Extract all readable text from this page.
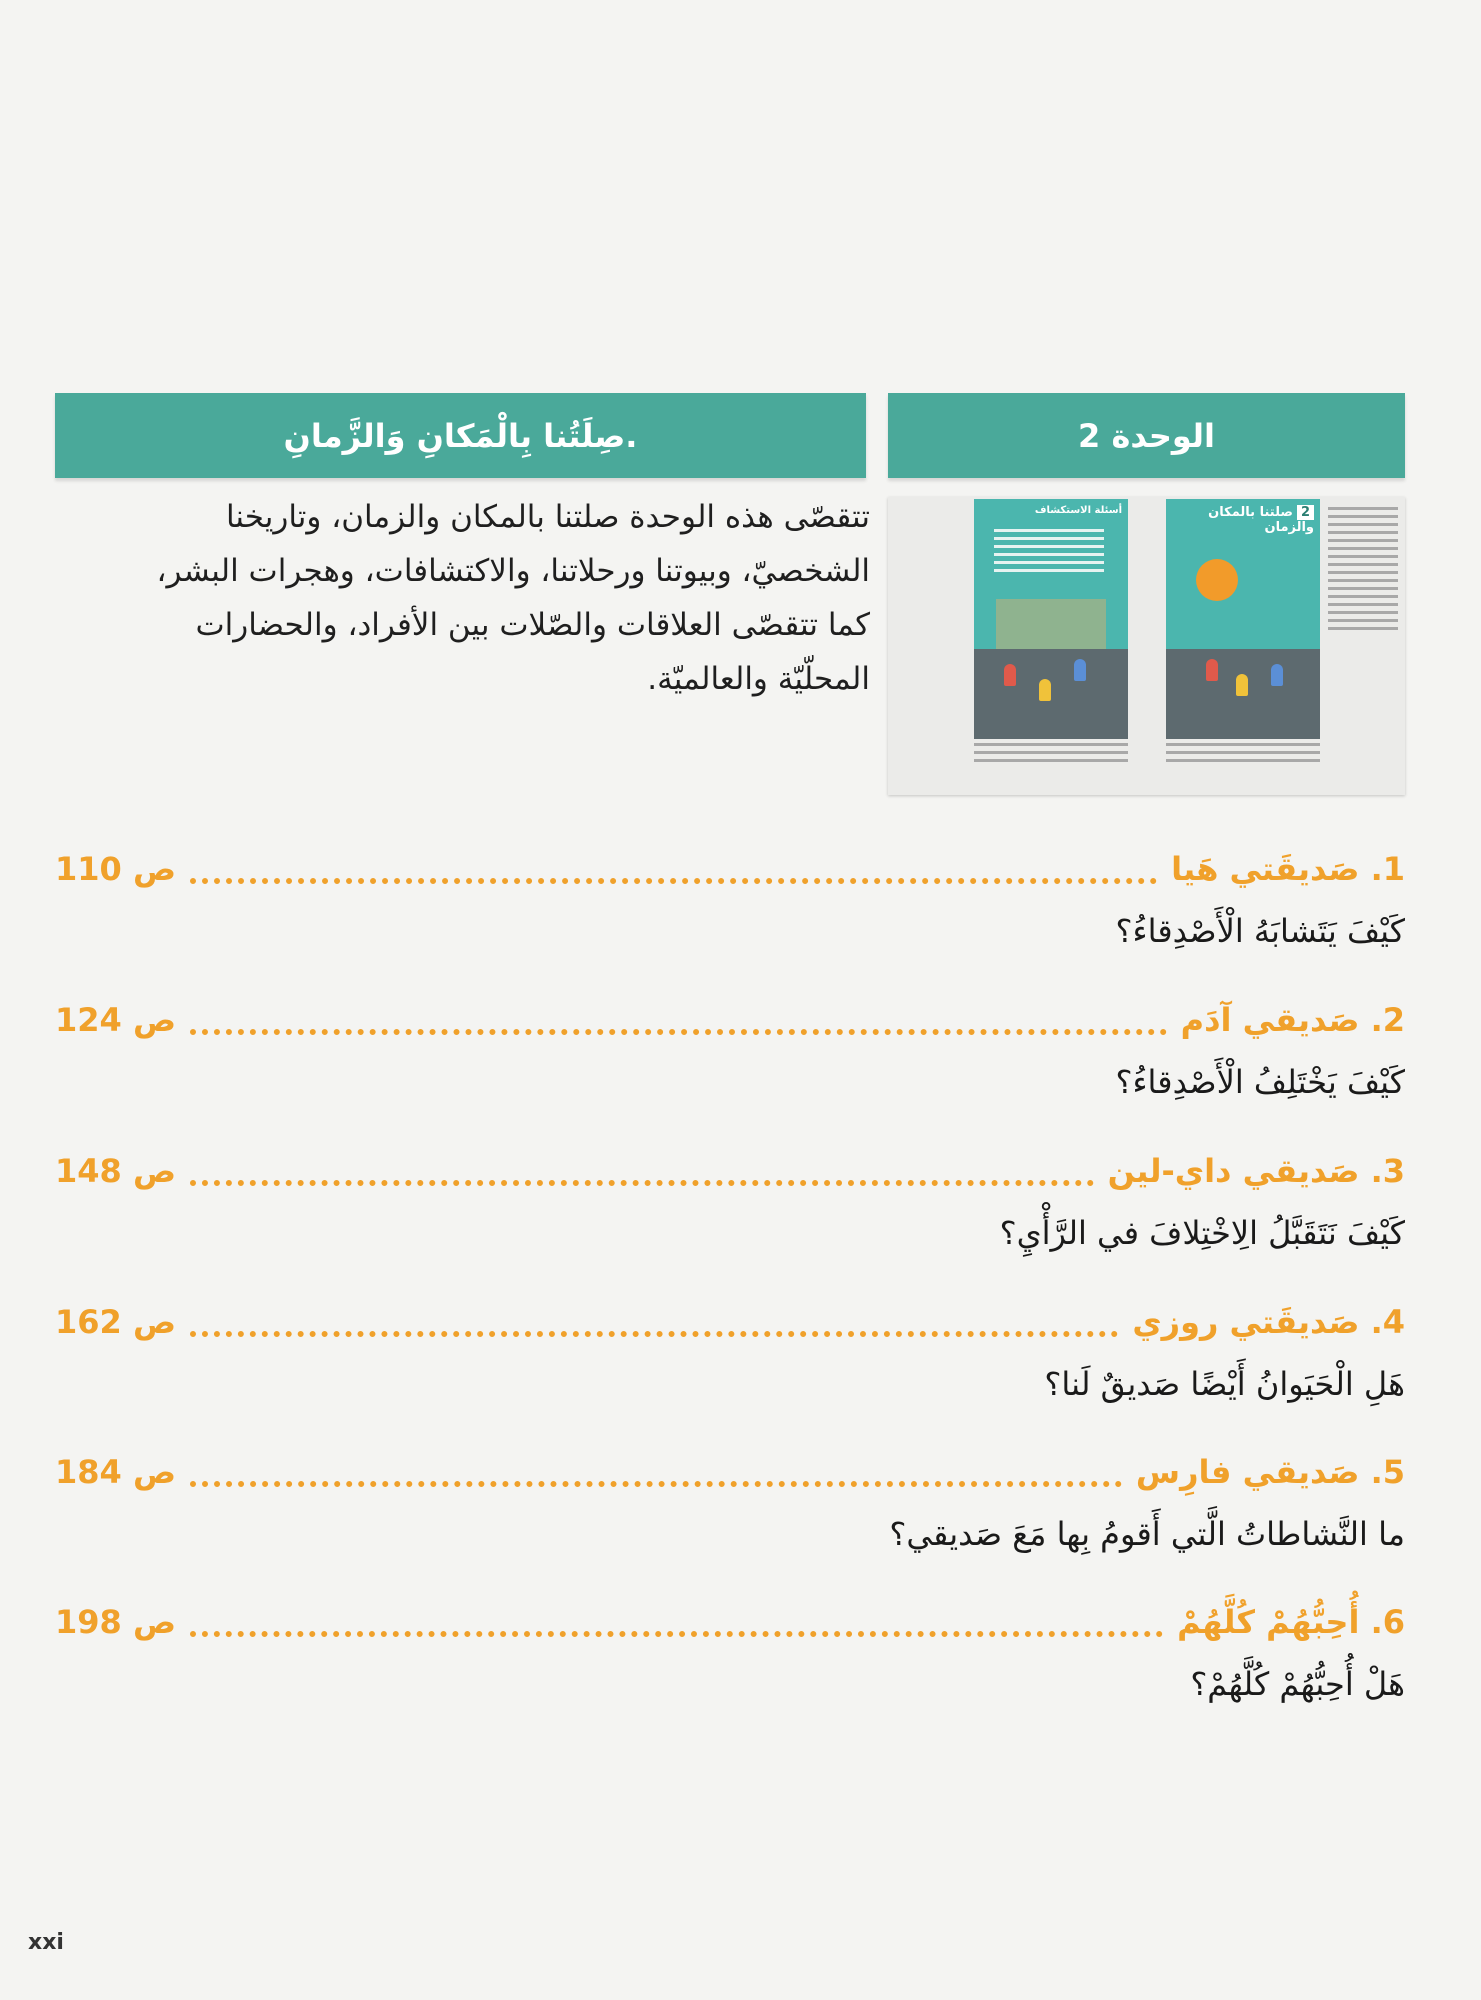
الوحدة 2
صِلَتُنا بِالْمَكانِ وَالزَّمانِ.
تتقصّى هذه الوحدة صلتنا بالمكان والزمان، وتاريخنا
الشخصيّ، وبيوتنا ورحلاتنا، والاكتشافات، وهجرات البشر،
كما تتقصّى العلاقات والصّلات بين الأفراد، والحضارات
المحلّيّة والعالميّة.
2صلتنا بالمكان والزمان
أسئلة الاستكشاف
1. صَديقَتي هَيا
ص 110
كَيْفَ يَتَشابَهُ الْأَصْدِقاءُ؟
2. صَديقي آدَم
ص 124
كَيْفَ يَخْتَلِفُ الْأَصْدِقاءُ؟
3. صَديقي داي-لين
ص 148
كَيْفَ نَتَقَبَّلُ الِاخْتِلافَ في الرَّأْيِ؟
4. صَديقَتي روزي
ص 162
هَلِ الْحَيَوانُ أَيْضًا صَديقٌ لَنا؟
5. صَديقي فارِس
ص 184
ما النَّشاطاتُ الَّتي أَقومُ بِها مَعَ صَديقي؟
6. أُحِبُّهُمْ كُلَّهُمْ
ص 198
هَلْ أُحِبُّهُمْ كُلَّهُمْ؟
xxi
